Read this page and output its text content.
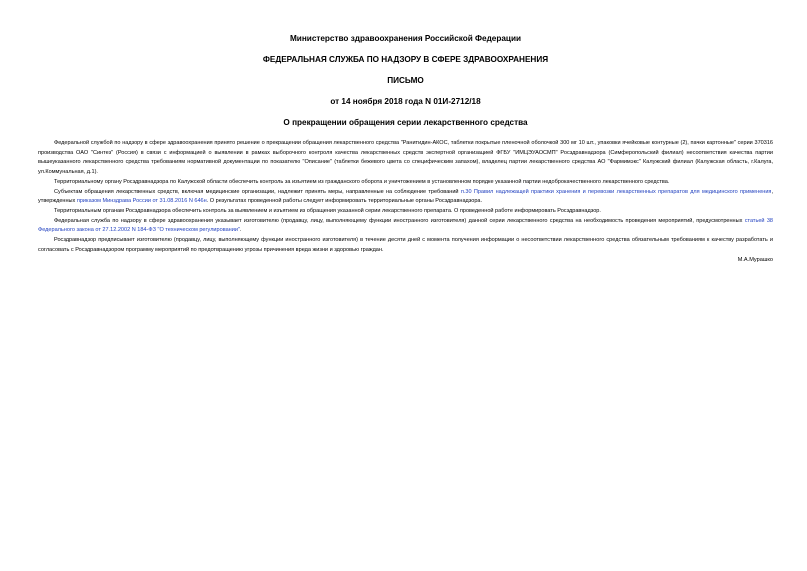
Министерство здравоохранения Российской Федерации
ФЕДЕРАЛЬНАЯ СЛУЖБА ПО НАДЗОРУ В СФЕРЕ ЗДРАВООХРАНЕНИЯ
ПИСЬМО
от 14 ноября 2018 года N 01И-2712/18
О прекращении обращения серии лекарственного средства

Федеральной службой по надзору в сфере здравоохранения принято решение о прекращении обращения лекарственного средства "Ранитидин-АКОС, таблетки покрытые пленочной оболочкой 300 мг 10 шт., упаковки ячейковые контурные (2), пачки картонные" серии 370316 производства ОАО "Синтез" (Россия) в связи с информацией о выявлении в рамках выборочного контроля качества лекарственных средств экспертной организацией ФГБУ "ИМЦЭУАОСМП" Росздравнадзора (Симферопольский филиал) несоответствия качества партии вышеуказанного лекарственного средства требованиям нормативной документации по показателю "Описание" (таблетки бежевого цвета со специфическим запахом), владелец партии лекарственного средства АО "Фармимэкс" Калужский филиал (Калужская область, г.Калуга, ул.Коммунальная, д.1).

Территориальному органу Росздравнадзора по Калужской области обеспечить контроль за изъятием из гражданского оборота и уничтожением в установленном порядке указанной партии недоброкачественного лекарственного средства.

Субъектам обращения лекарственных средств, включая медицинские организации, надлежит принять меры, направленные на соблюдение требований п.30 Правил надлежащей практики хранения и перевозки лекарственных препаратов для медицинского применения, утвержденных приказом Минздрава России от 31.08.2016 N 646н. О результатах проведенной работы следует информировать территориальные органы Росздравнадзора.

Территориальным органам Росздравнадзора обеспечить контроль за выявлением и изъятием из обращения указанной серии лекарственного препарата. О проведенной работе информировать Росздравнадзор.

Федеральная служба по надзору в сфере здравоохранения указывает изготовителю (продавцу, лицу, выполняющему функции иностранного изготовителя) данной серии лекарственного средства на необходимость проведения мероприятий, предусмотренных статьей 38 Федерального закона от 27.12.2002 N 184-ФЗ "О техническом регулировании".

Росздравнадзор предписывает изготовителю (продавцу, лицу, выполняющему функции иностранного изготовителя) в течение десяти дней с момента получения информации о несоответствии лекарственного средства обязательным требованиям к качеству разработать и согласовать с Росздравнадзором программу мероприятий по предотвращению угрозы причинения вреда жизни и здоровью граждан.

М.А.Мурашко
